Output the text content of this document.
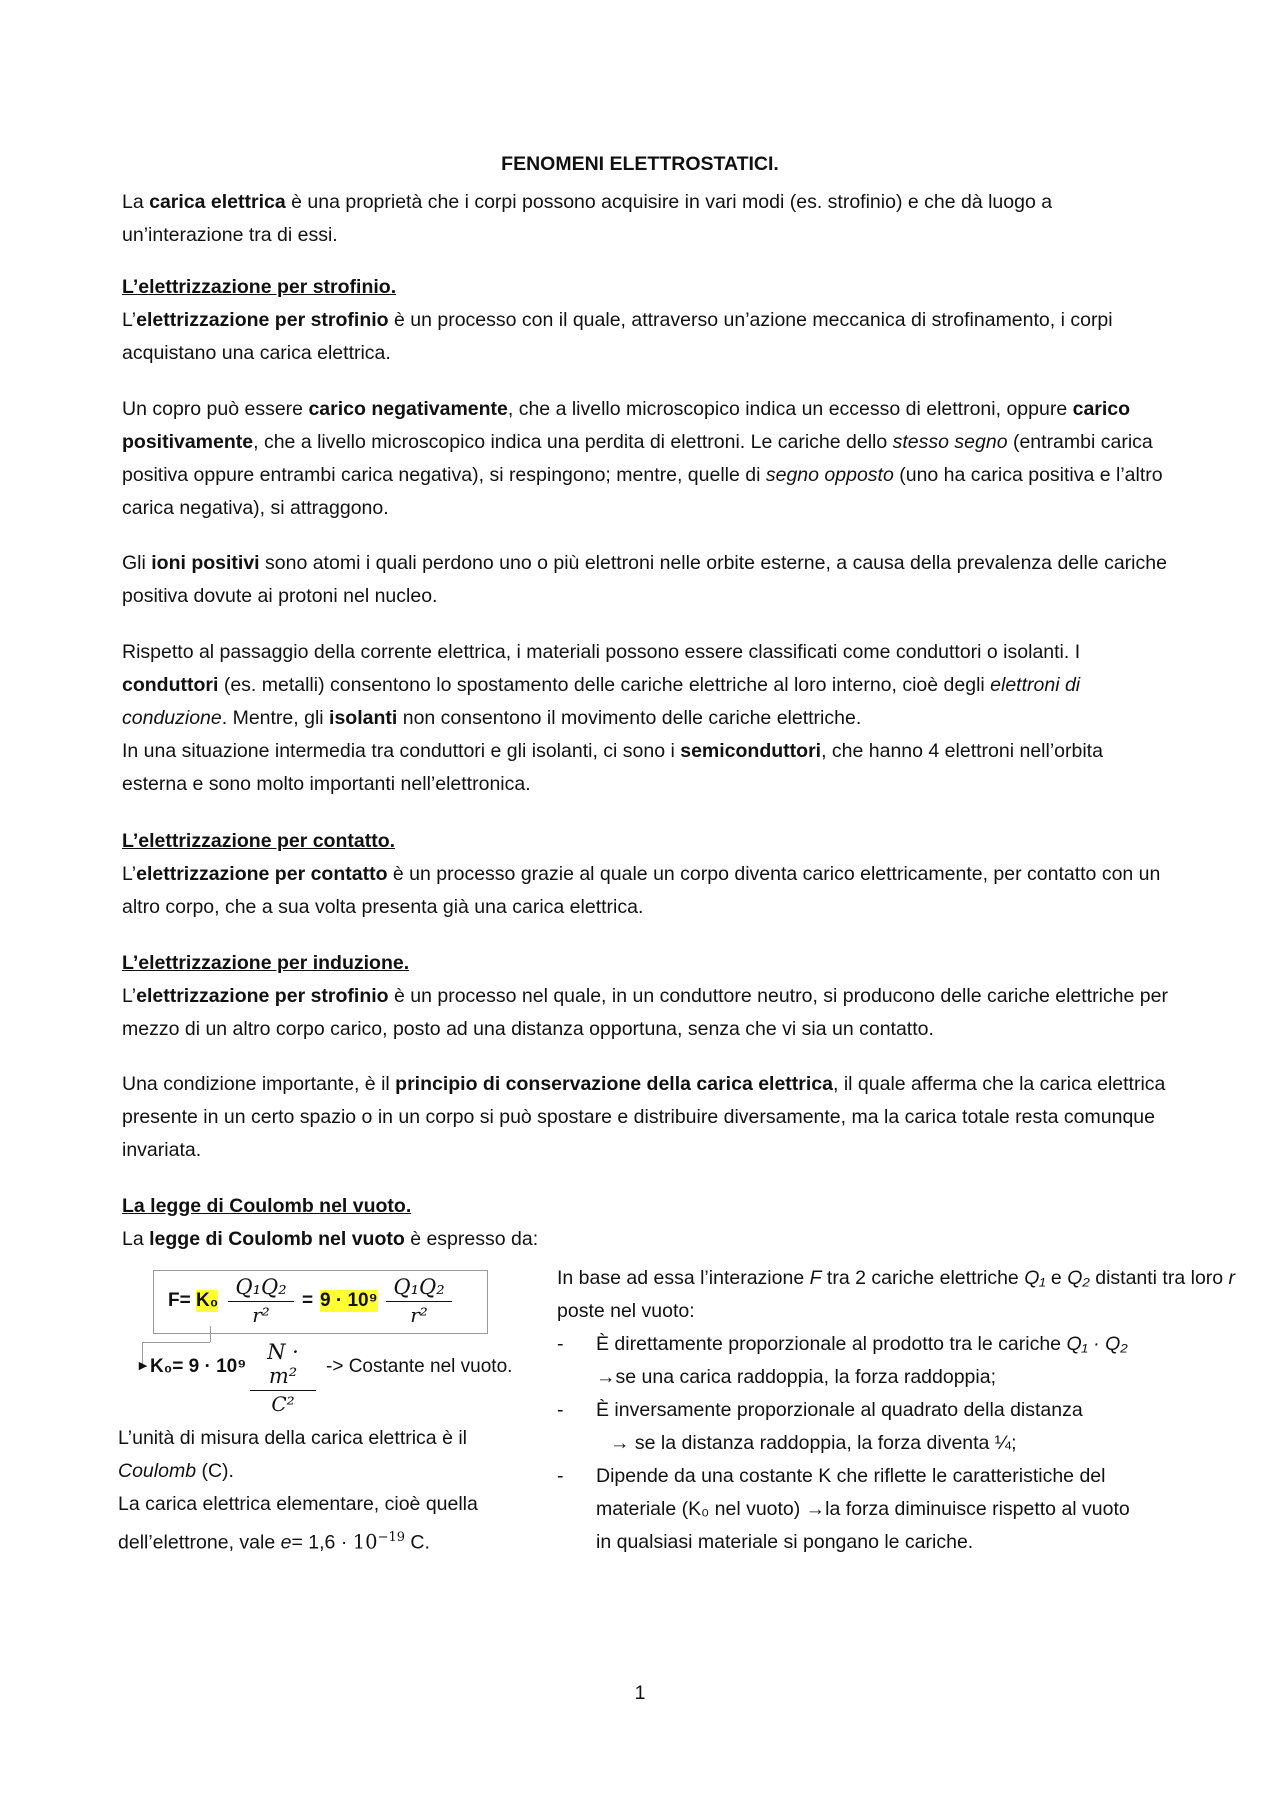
FENOMENI ELETTROSTATICI.

La carica elettrica è una proprietà che i corpi possono acquisire in vari modi (es. strofinio) e che dà luogo a un’interazione tra di essi.

L’elettrizzazione per strofinio.

L’elettrizzazione per strofinio è un processo con il quale, attraverso un’azione meccanica di strofinamento, i corpi acquistano una carica elettrica.

Un copro può essere carico negativamente, che a livello microscopico indica un eccesso di elettroni, oppure carico positivamente, che a livello microscopico indica una perdita di elettroni. Le cariche dello stesso segno (entrambi carica positiva oppure entrambi carica negativa), si respingono; mentre, quelle di segno opposto (uno ha carica positiva e l’altro carica negativa), si attraggono.

Gli ioni positivi sono atomi i quali perdono uno o più elettroni nelle orbite esterne, a causa della prevalenza delle cariche positiva dovute ai protoni nel nucleo.

Rispetto al passaggio della corrente elettrica, i materiali possono essere classificati come conduttori o isolanti. I conduttori (es. metalli) consentono lo spostamento delle cariche elettriche al loro interno, cioè degli elettroni di conduzione. Mentre, gli isolanti non consentono il movimento delle cariche elettriche.
In una situazione intermedia tra conduttori e gli isolanti, ci sono i semiconduttori, che hanno 4 elettroni nell’orbita esterna e sono molto importanti nell’elettronica.

L’elettrizzazione per contatto.

L’elettrizzazione per contatto è un processo grazie al quale un corpo diventa carico elettricamente, per contatto con un altro corpo, che a sua volta presenta già una carica elettrica.

L’elettrizzazione per induzione.

L’elettrizzazione per strofinio è un processo nel quale, in un conduttore neutro, si producono delle cariche elettriche per mezzo di un altro corpo carico, posto ad una distanza opportuna, senza che vi sia un contatto.

Una condizione importante, è il principio di conservazione della carica elettrica, il quale afferma che la carica elettrica presente in un certo spazio o in un corpo si può spostare e distribuire diversamente, ma la carica totale resta comunque invariata.

La legge di Coulomb nel vuoto.

La legge di Coulomb nel vuoto è espresso da:

F= K₀
Q₁Q₂
r²
= 9 · 10⁹
Q₁Q₂
r²
► K₀= 9 · 10⁹
N · m²
C²
-> Costante nel vuoto.

L’unità di misura della carica elettrica è il Coulomb (C).

La carica elettrica elementare, cioè quella dell’elettrone, vale $e= 1,6 \cdot 10^{-19}$ C.

In base ad essa l’interazione F tra 2 cariche elettriche Q₁ e Q₂ distanti tra loro r poste nel vuoto:

- È direttamente proporzionale al prodotto tra le cariche Q₁ · Q₂
→se una carica raddoppia, la forza raddoppia;

- È inversamente proporzionale al quadrato della distanza
→ se la distanza raddoppia, la forza diventa ¼;

- Dipende da una costante K che riflette le caratteristiche del
materiale (K₀ nel vuoto) →la forza diminuisce rispetto al vuoto
in qualsiasi materiale si pongano le cariche.

1
